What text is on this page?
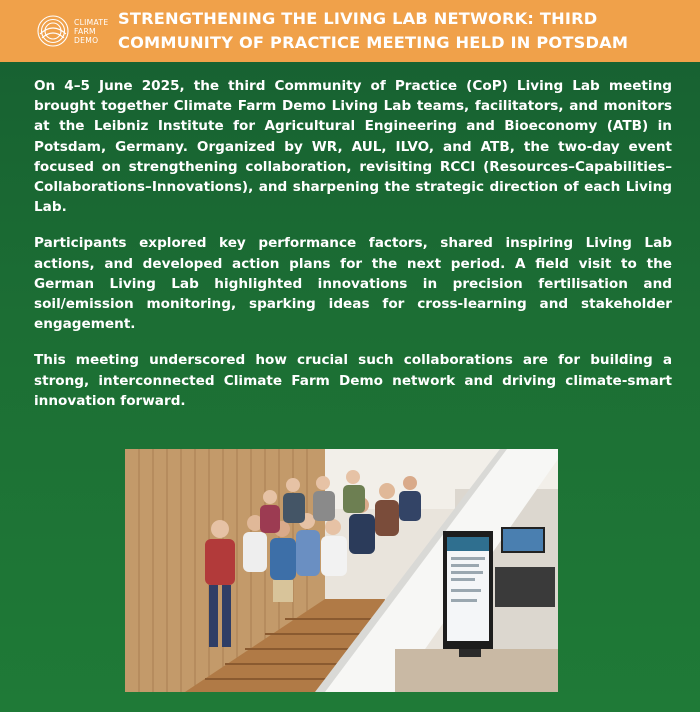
CLIMATE
FARM
DEMO
STRENGTHENING THE LIVING LAB NETWORK: THIRD
COMMUNITY OF PRACTICE MEETING HELD IN POTSDAM

On 4–5 June 2025, the third Community of Practice (CoP) Living Lab meeting brought together Climate Farm Demo Living Lab teams, facilitators, and monitors at the Leibniz Institute for Agricultural Engineering and Bioeconomy (ATB) in Potsdam, Germany. Organized by WR, AUL, ILVO, and ATB, the two-day event focused on strengthening collaboration, revisiting RCCI (Resources–Capabilities–Collaborations–Innovations), and sharpening the strategic direction of each Living Lab.

Participants explored key performance factors, shared inspiring Living Lab actions, and developed action plans for the next period. A field visit to the German Living Lab highlighted innovations in precision fertilisation and soil/emission monitoring, sparking ideas for cross-learning and stakeholder engagement.

This meeting underscored how crucial such collaborations are for building a strong, interconnected Climate Farm Demo network and driving climate-smart innovation forward.
